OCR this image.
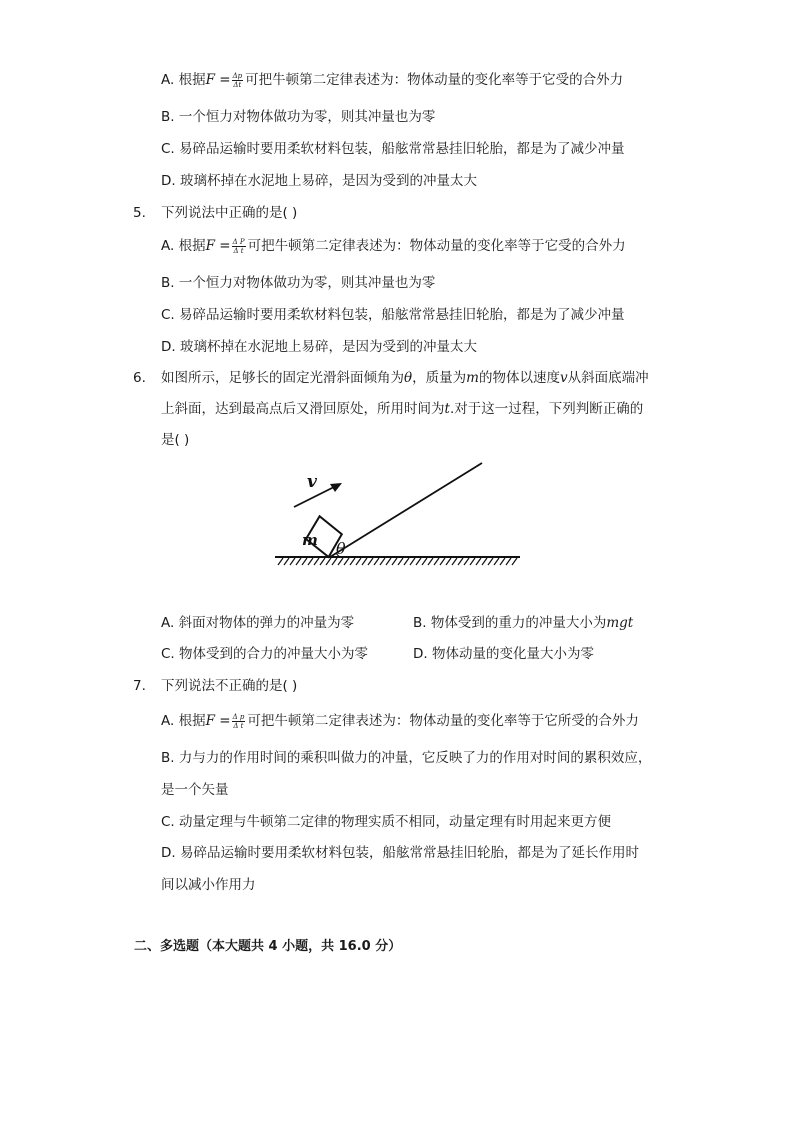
A. 根据$F = \frac{\Delta p}{\Delta t}$ 可把牛顿第二定律表述为：物体动量的变化率等于它受的合外力
B. 一个恒力对物体做功为零，则其冲量也为零
C. 易碎品运输时要用柔软材料包装，船舷常常悬挂旧轮胎，都是为了减少冲量
D. 玻璃杯掉在水泥地上易碎，是因为受到的冲量太大
5. 下列说法中正确的是( )
A. 根据$F = \frac{\text{Δ P}}{\text{Δ t}}$ 可把牛顿第二定律表述为：物体动量的变化率等于它受的合外力
B. 一个恒力对物体做功为零，则其冲量也为零
C. 易碎品运输时要用柔软材料包装，船舷常常悬挂旧轮胎，都是为了减少冲量
D. 玻璃杯掉在水泥地上易碎，是因为受到的冲量太大
6. 如图所示，足够长的固定光滑斜面倾角为θ，质量为m的物体以速度v从斜面底端冲
上斜面，达到最高点后又滑回原处，所用时间为t.对于这一过程，下列判断正确的
是( )
m θ
v
A. 斜面对物体的弹力的冲量为零	B. 物体受到的重力的冲量大小为mgt
C. 物体受到的合力的冲量大小为零	D. 物体动量的变化量大小为零
7. 下列说法不正确的是( )
A. 根据$F = \frac{\text{Δ p}}{\text{Δ t}}$ 可把牛顿第二定律表述为：物体动量的变化率等于它所受的合外力
B. 力与力的作用时间的乘积叫做力的冲量，它反映了力的作用对时间的累积效应，
是一个矢量
C. 动量定理与牛顿第二定律的物理实质不相同，动量定理有时用起来更方便
D. 易碎品运输时要用柔软材料包装，船舷常常悬挂旧轮胎，都是为了延长作用时
间以减小作用力
二、多选题（本大题共 4 小题，共 16.0 分）
